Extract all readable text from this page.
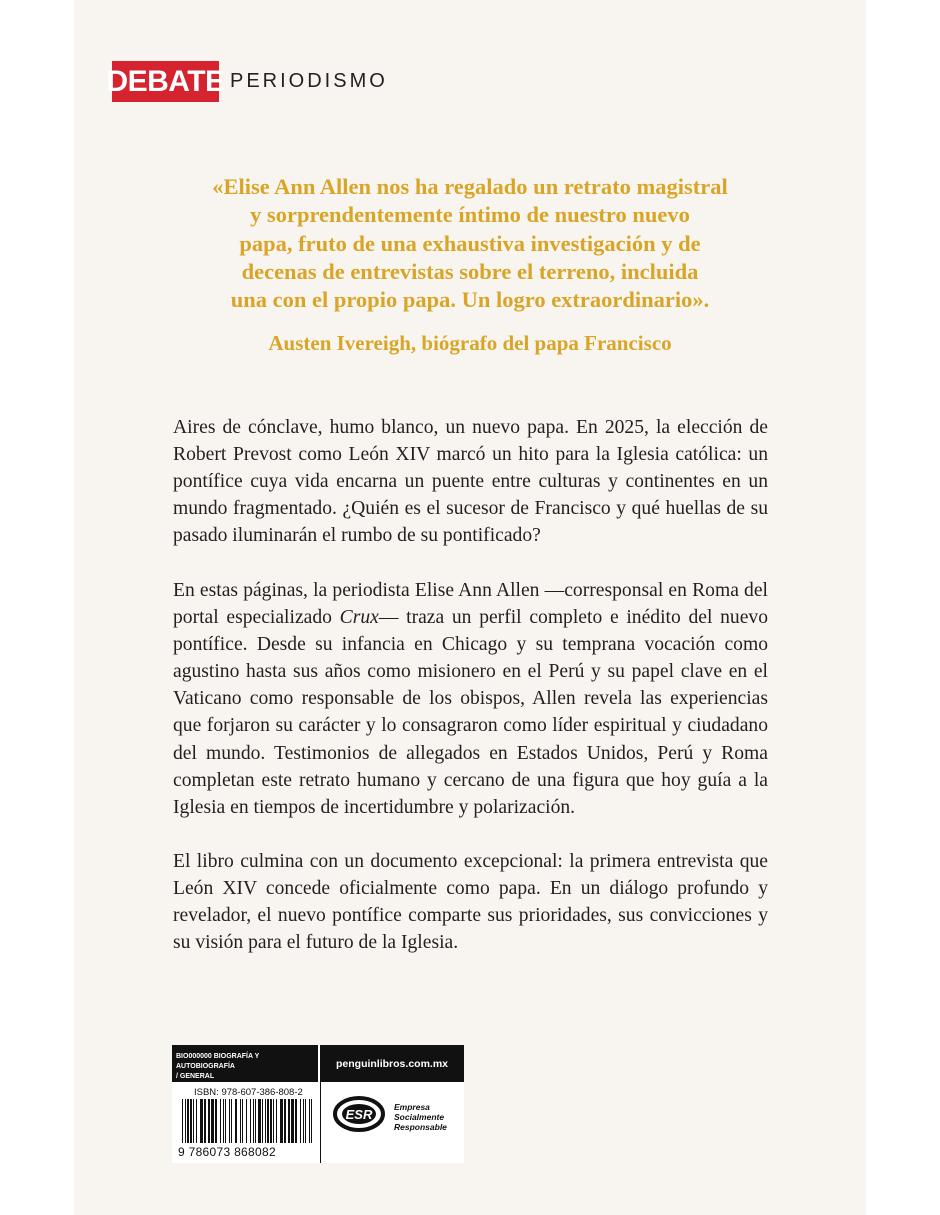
DEBATE PERIODISMO
«Elise Ann Allen nos ha regalado un retrato magistral
y sorprendentemente íntimo de nuestro nuevo
papa, fruto de una exhaustiva investigación y de
decenas de entrevistas sobre el terreno, incluida
una con el propio papa. Un logro extraordinario».
Austen Ivereigh, biógrafo del papa Francisco

Aires de cónclave, humo blanco, un nuevo papa. En 2025, la elección de Robert Prevost como León XIV marcó un hito para la Iglesia católica: un pontífice cuya vida encarna un puente entre culturas y continentes en un mundo fragmentado. ¿Quién es el sucesor de Francisco y qué huellas de su pasado iluminarán el rumbo de su pontificado?

En estas páginas, la periodista Elise Ann Allen —corresponsal en Roma del portal especializado Crux— traza un perfil completo e inédito del nuevo pontífice. Desde su infancia en Chicago y su temprana vocación como agustino hasta sus años como misionero en el Perú y su papel clave en el Vaticano como responsable de los obispos, Allen revela las experiencias que forjaron su carácter y lo consagraron como líder espiritual y ciudadano del mundo. Testimonios de allegados en Estados Unidos, Perú y Roma completan este retrato humano y cercano de una figura que hoy guía a la Iglesia en tiempos de incertidumbre y polarización.

El libro culmina con un documento excepcional: la primera entrevista que León XIV concede oficialmente como papa. En un diálogo profundo y revelador, el nuevo pontífice comparte sus prioridades, sus convicciones y su visión para el futuro de la Iglesia.

BIO000000 BIOGRAFÍA Y AUTOBIOGRAFÍA
/ GENERAL
penguinlibros.com.mx
ISBN: 978-607-386-808-2
9 786073 868082
ESR	Empresa
Socialmente
Responsable
